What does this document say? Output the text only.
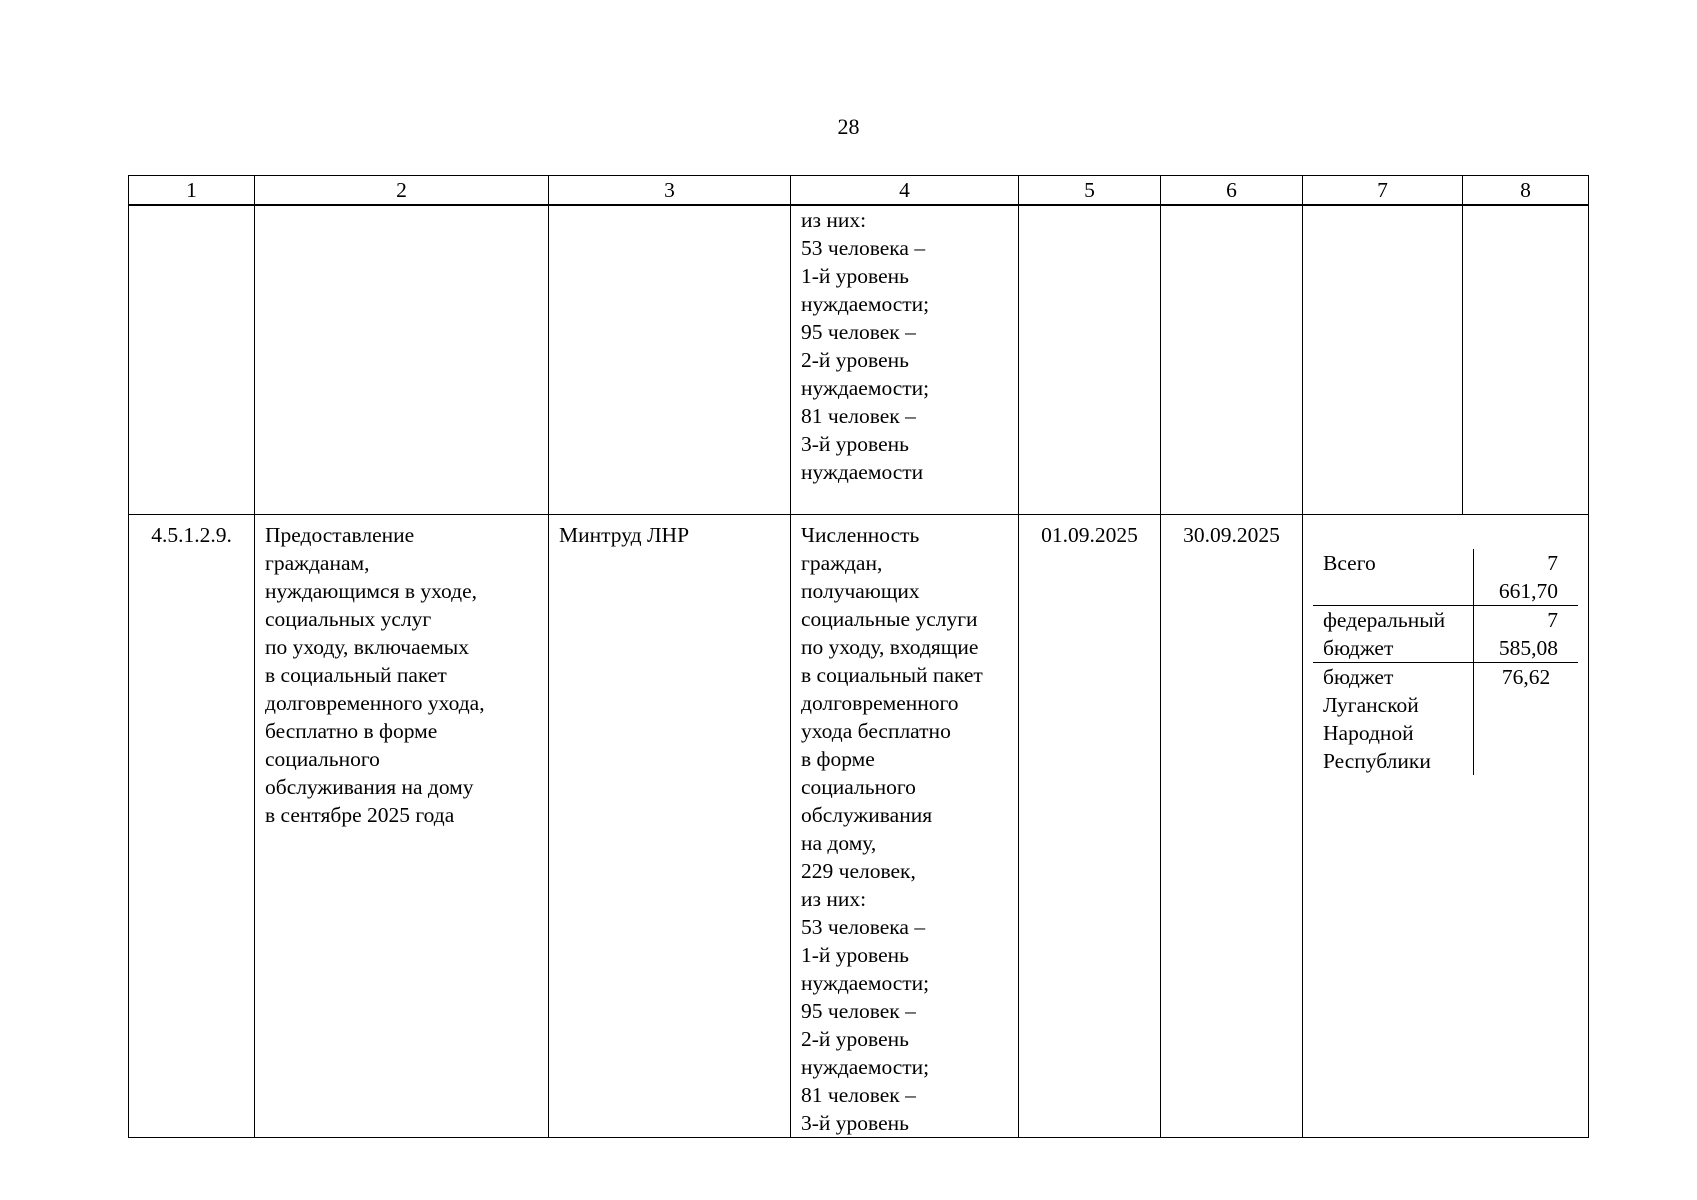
28
1	2	3	4	5	6	7	8
			из них:
53 человека –
1-й уровень
нуждаемости;
95 человек –
2-й уровень
нуждаемости;
81 человек –
3-й уровень
нуждаемости				
4.5.1.2.9.	Предоставление
гражданам,
нуждающимся в уходе,
социальных услуг
по уходу, включаемых
в социальный пакет
долговременного ухода,
бесплатно в форме
социального
обслуживания на дому
в сентябре 2025 года	Минтруд ЛНР	Численность
граждан,
получающих
социальные услуги
по уходу, входящие
в социальный пакет
долговременного
ухода бесплатно
в форме
социального
обслуживания
на дому,
229 человек,
из них:
53 человека –
1-й уровень
нуждаемости;
95 человек –
2-й уровень
нуждаемости;
81 человек –
3-й уровень	01.09.2025	30.09.2025	

Всего	7 661,70
федеральный
бюджет	7 585,08
бюджет
Луганской
Народной
Республики	76,62
